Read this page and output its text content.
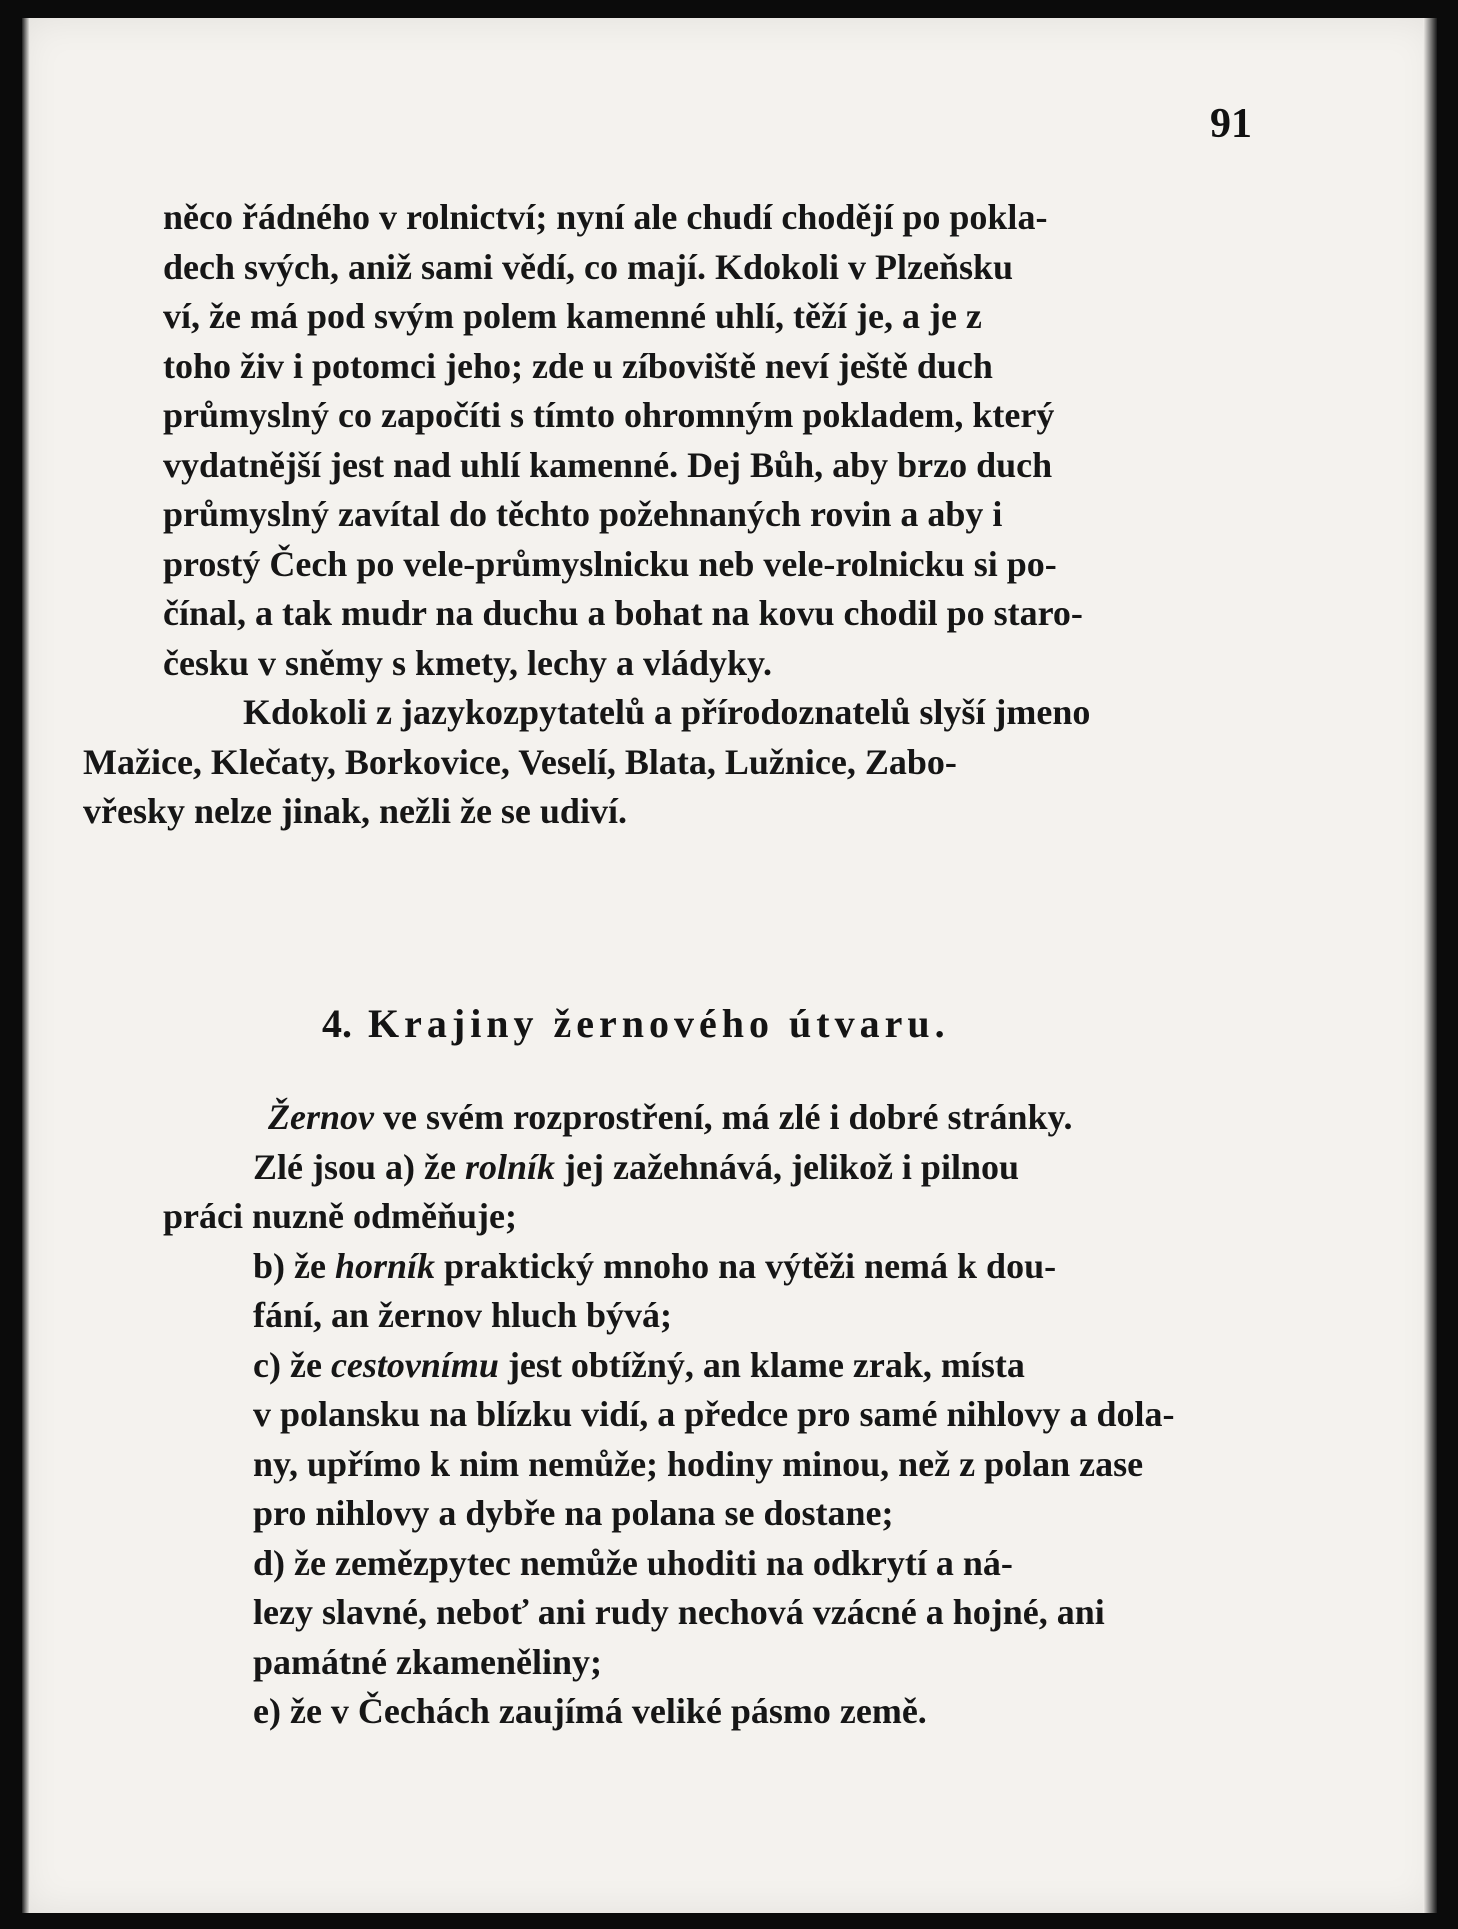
91

něco řádného v rolnictví; nyní ale chudí chodějí po pokla-
dech svých, aniž sami vědí, co mají. Kdokoli v Plzeňsku
ví, že má pod svým polem kamenné uhlí, těží je, a je z
toho živ i potomci jeho; zde u zíboviště neví ještě duch
průmyslný co započíti s tímto ohromným pokladem, který
vydatnější jest nad uhlí kamenné. Dej Bůh, aby brzo duch
průmyslný zavítal do těchto požehnaných rovin a aby i
prostý Čech po vele-průmyslnicku neb vele-rolnicku si po-
čínal, a tak mudr na duchu a bohat na kovu chodil po staro-
česku v sněmy s kmety, lechy a vládyky.

Kdokoli z jazykozpytatelů a přírodoznatelů slyší jmeno
Mažice, Klečaty, Borkovice, Veselí, Blata, Lužnice, Zabo-
vřesky nelze jinak, nežli že se udiví.

4. Krajiny žernového útvaru.

Žernov ve svém rozprostření, má zlé i dobré stránky.

Zlé jsou a) že rolník jej zažehnává, jelikož i pilnou
práci nuzně odměňuje;

b) že horník praktický mnoho na výtěži nemá k dou-
fání, an žernov hluch bývá;

c) že cestovnímu jest obtížný, an klame zrak, místa
v polansku na blízku vidí, a předce pro samé nihlovy a dola-
ny, upřímo k nim nemůže; hodiny minou, než z polan zase
pro nihlovy a dybře na polana se dostane;

d) že zemězpytec nemůže uhoditi na odkrytí a ná-
lezy slavné, neboť ani rudy nechová vzácné a hojné, ani
památné zkameněliny;

e) že v Čechách zaujímá veliké pásmo země.
